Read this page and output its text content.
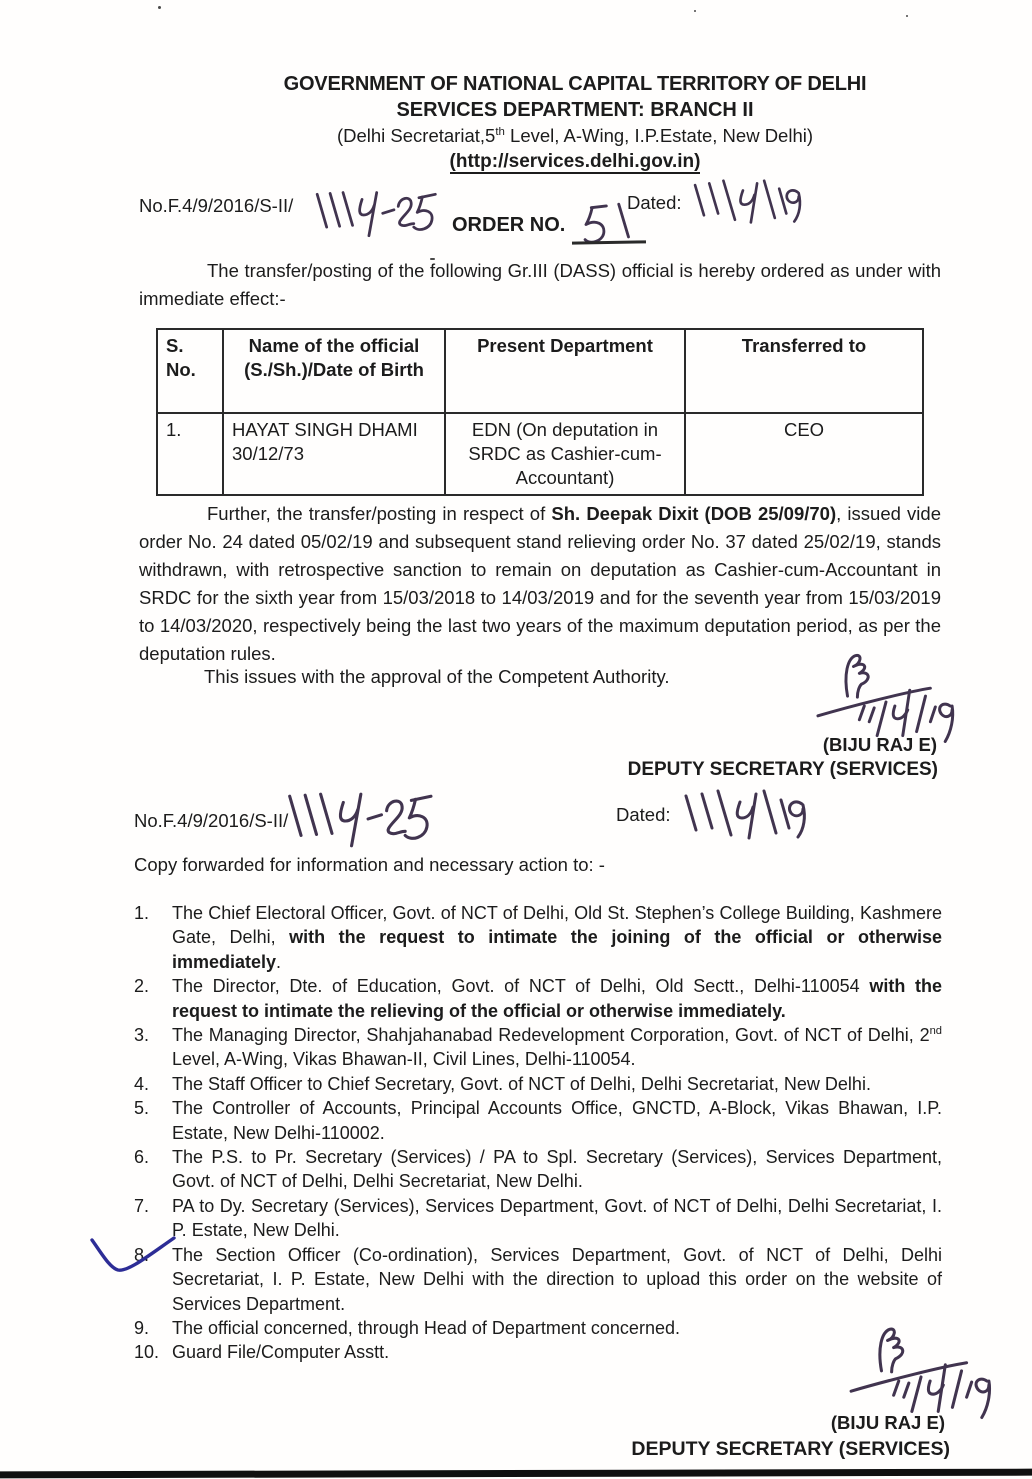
GOVERNMENT OF NATIONAL CAPITAL TERRITORY OF DELHI
SERVICES DEPARTMENT: BRANCH II
(Delhi Secretariat,5th Level, A-Wing, I.P.Estate, New Delhi)
(http://services.delhi.gov.in)
No.F.4/9/2016/S-II/	Dated:
ORDER NO.
The transfer/posting of the following Gr.III (DASS) official is hereby ordered as under with immediate effect:-
S. No.	Name of the official (S./Sh.)/Date of Birth	Present Department	Transferred to
1.	HAYAT SINGH DHAMI 30/12/73	EDN (On deputation in SRDC as Cashier-cum-Accountant)	CEO
Further, the transfer/posting in respect of Sh. Deepak Dixit (DOB 25/09/70), issued vide order No. 24 dated 05/02/19 and subsequent stand relieving order No. 37 dated 25/02/19, stands withdrawn, with retrospective sanction to remain on deputation as Cashier-cum-Accountant in SRDC for the sixth year from 15/03/2018 to 14/03/2019 and for the seventh year from 15/03/2019 to 14/03/2020, respectively being the last two years of the maximum deputation period, as per the deputation rules.
This issues with the approval of the Competent Authority.
(BIJU RAJ E)
DEPUTY SECRETARY (SERVICES)
No.F.4/9/2016/S-II/	Dated:
Copy forwarded for information and necessary action to: -
1. The Chief Electoral Officer, Govt. of NCT of Delhi, Old St. Stephen’s College Building, Kashmere Gate, Delhi, with the request to intimate the joining of the official or otherwise immediately.
2. The Director, Dte. of Education, Govt. of NCT of Delhi, Old Sectt., Delhi-110054 with the request to intimate the relieving of the official or otherwise immediately.
3. The Managing Director, Shahjahanabad Redevelopment Corporation, Govt. of NCT of Delhi, 2nd Level, A-Wing, Vikas Bhawan-II, Civil Lines, Delhi-110054.
4. The Staff Officer to Chief Secretary, Govt. of NCT of Delhi, Delhi Secretariat, New Delhi.
5. The Controller of Accounts, Principal Accounts Office, GNCTD, A-Block, Vikas Bhawan, I.P. Estate, New Delhi-110002.
6. The P.S. to Pr. Secretary (Services) / PA to Spl. Secretary (Services), Services Department, Govt. of NCT of Delhi, Delhi Secretariat, New Delhi.
7. PA to Dy. Secretary (Services), Services Department, Govt. of NCT of Delhi, Delhi Secretariat, I. P. Estate, New Delhi.
8. The Section Officer (Co-ordination), Services Department, Govt. of NCT of Delhi, Delhi Secretariat, I. P. Estate, New Delhi with the direction to upload this order on the website of Services Department.
9. The official concerned, through Head of Department concerned.
10. Guard File/Computer Asstt.
(BIJU RAJ E)
DEPUTY SECRETARY (SERVICES)
